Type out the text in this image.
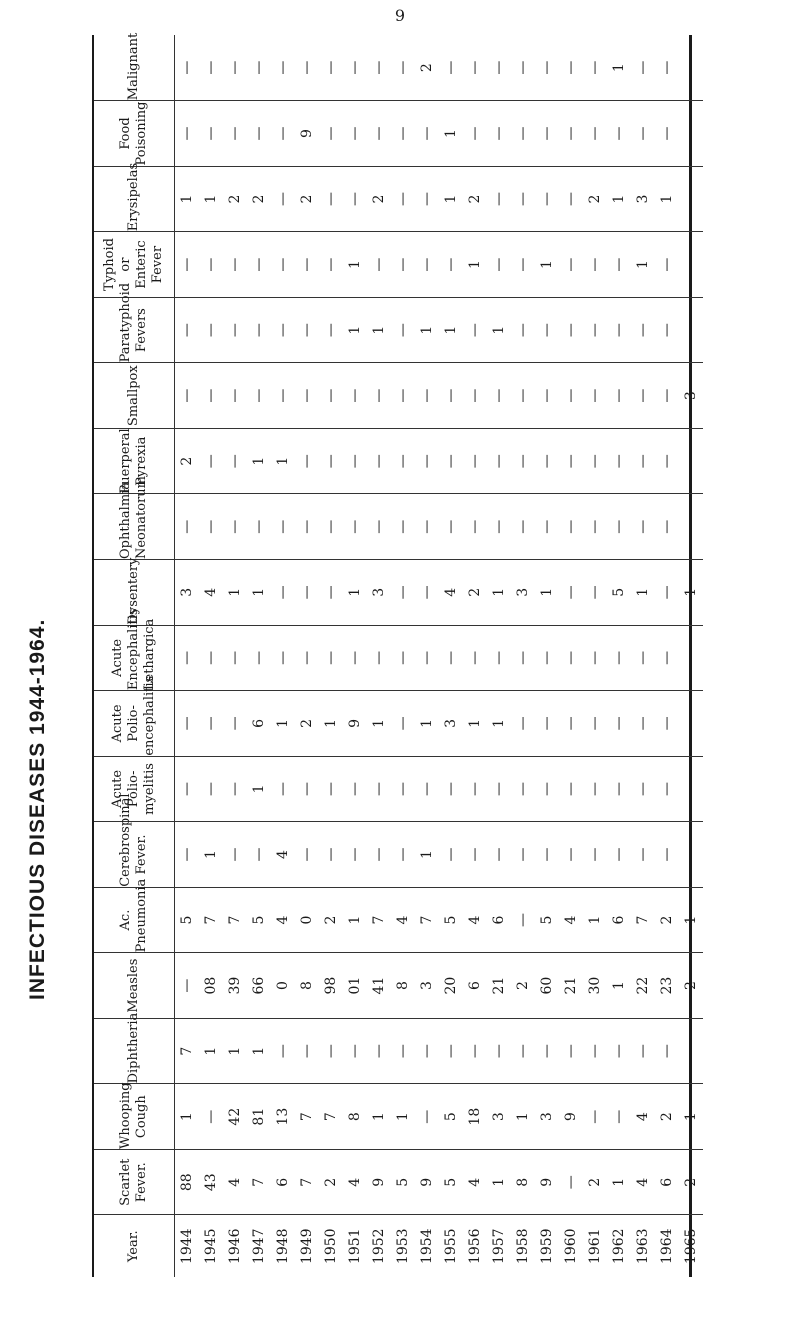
9
INFECTIOUS DISEASES 1944-1964.
Year.	Scarlet Fever.	Whooping Cough	Diphtheria	Measles	Ac. Pneumonia	Cerebrospinal Fever.	Acute Polio-myelitis	Acute Polio-encephalitis	Acute Encephalitis Lethargica	Dysentery	Ophthalmia Neonatorum	Puerperal Pyrexia	Smallpox	Paratyphoid Fevers	Typhoid or Enteric Fever	Erysipelas	Food Poisoning	Malignant
1944	88	1	7	—	5	—	—	—	—	3	—	2	—	—	—	1	—	—
1945	43	—	1	08	7	1	—	—	—	4	—	—	—	—	—	1	—	—
1946	4	42	1	39	7	—	—	—	—	1	—	—	—	—	—	2	—	—
1947	7	81	1	66	5	—	1	6	—	1	—	1	—	—	—	2	—	—
1948	6	13	—	0	4	4	—	1	—	—	—	1	—	—	—	—	—	—
1949	7	7	—	8	0	—	—	2	—	—	—	—	—	—	—	2	9	—
1950	2	7	—	98	2	—	—	1	—	—	—	—	—	—	—	—	—	—
1951	4	8	—	01	1	—	—	9	—	1	—	—	—	1	1	—	—	—
1952	9	1	—	41	7	—	—	1	—	3	—	—	—	1	—	2	—	—
1953	5	1	—	8	4	—	—	—	—	—	—	—	—	—	—	—	—	—
1954	9	—	—	3	7	1	—	1	—	—	—	—	—	1	—	—	—	2
1955	5	5	—	20	5	—	—	3	—	4	—	—	—	1	—	1	1	—
1956	4	18	—	6	4	—	—	1	—	2	—	—	—	—	1	2	—	—
1957	1	3	—	21	6	—	—	1	—	1	—	—	—	1	—	—	—	—
1958	8	1	—	2	—	—	—	—	—	3	—	—	—	—	—	—	—	—
1959	9	3	—	60	5	—	—	—	—	1	—	—	—	—	1	—	—	—
1960	—	9	—	21	4	—	—	—	—	—	—	—	—	—	—	—	—	—
1961	2	—	—	30	1	—	—	—	—	—	—	—	—	—	—	2	—	—
1962	1	—	—	1	6	—	—	—	—	5	—	—	—	—	—	1	—	1
1963	4	4	—	22	7	—	—	—	—	1	—	—	—	—	1	3	—	—
1964	6	2	—	23	2	—	—	—	—	—	—	—	—	—	—	1	—	—
1965	2	1	—	2	1	—	—	—	—	1	—	—	3	—	—	—	—	—
